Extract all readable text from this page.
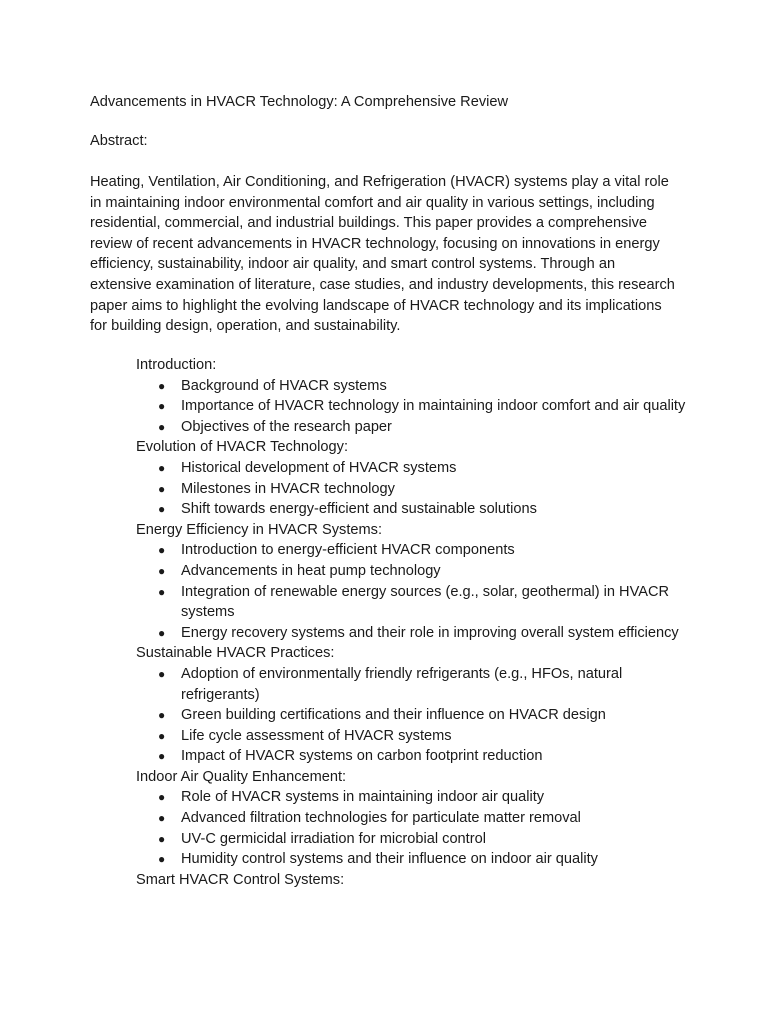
Advancements in HVACR Technology: A Comprehensive Review

Abstract:

Heating, Ventilation, Air Conditioning, and Refrigeration (HVACR) systems play a vital role in maintaining indoor environmental comfort and air quality in various settings, including residential, commercial, and industrial buildings. This paper provides a comprehensive review of recent advancements in HVACR technology, focusing on innovations in energy efficiency, sustainability, indoor air quality, and smart control systems. Through an extensive examination of literature, case studies, and industry developments, this research paper aims to highlight the evolving landscape of HVACR technology and its implications for building design, operation, and sustainability.

Introduction:

● Background of HVACR systems
● Importance of HVACR technology in maintaining indoor comfort and air quality
● Objectives of the research paper

Evolution of HVACR Technology:

● Historical development of HVACR systems
● Milestones in HVACR technology
● Shift towards energy-efficient and sustainable solutions

Energy Efficiency in HVACR Systems:

● Introduction to energy-efficient HVACR components
● Advancements in heat pump technology
● Integration of renewable energy sources (e.g., solar, geothermal) in HVACR systems
● Energy recovery systems and their role in improving overall system efficiency

Sustainable HVACR Practices:

● Adoption of environmentally friendly refrigerants (e.g., HFOs, natural refrigerants)
● Green building certifications and their influence on HVACR design
● Life cycle assessment of HVACR systems
● Impact of HVACR systems on carbon footprint reduction

Indoor Air Quality Enhancement:

● Role of HVACR systems in maintaining indoor air quality
● Advanced filtration technologies for particulate matter removal
● UV-C germicidal irradiation for microbial control
● Humidity control systems and their influence on indoor air quality

Smart HVACR Control Systems:
